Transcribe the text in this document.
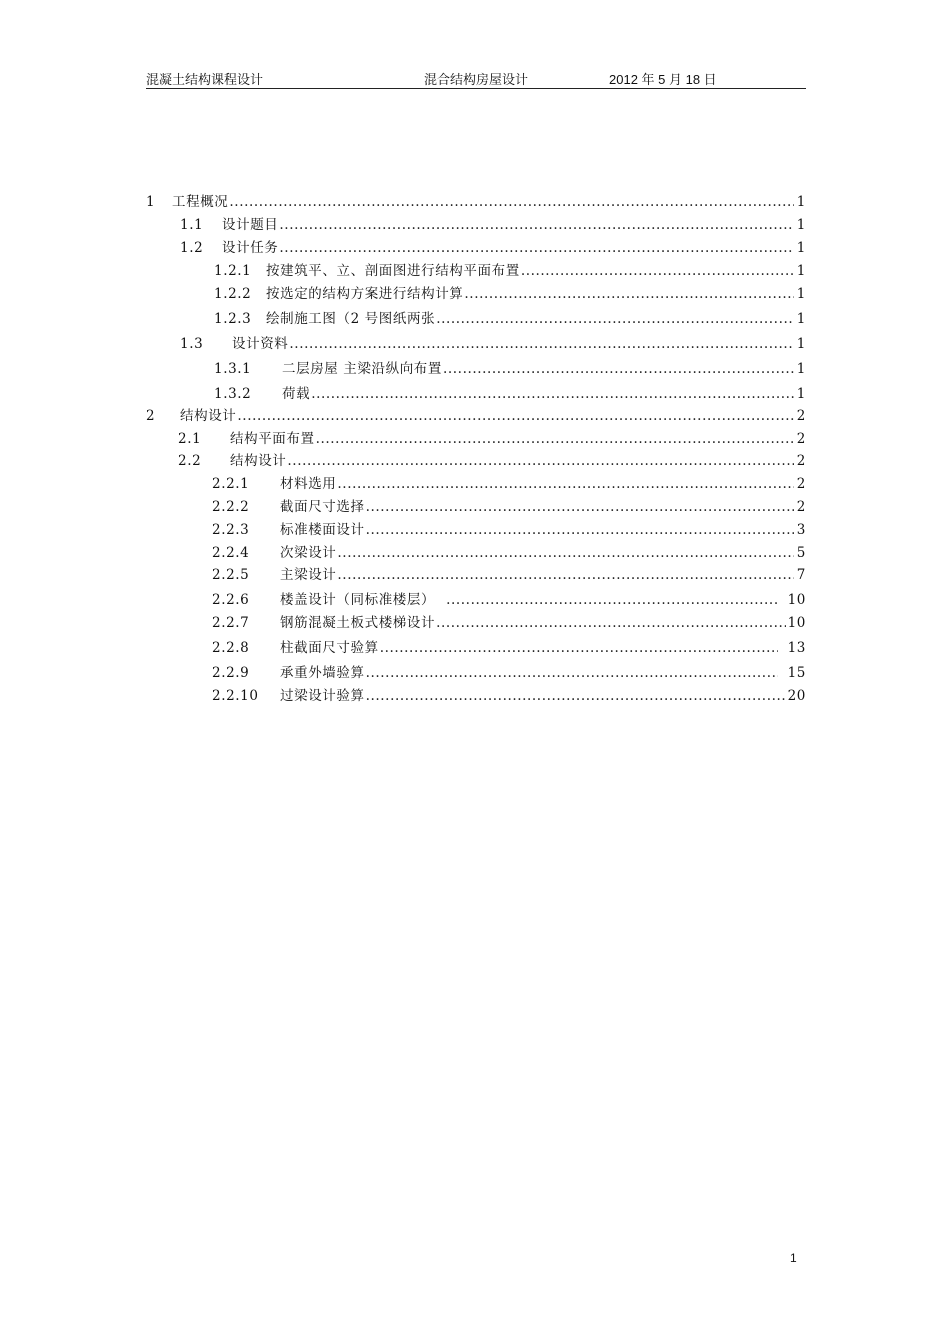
混凝土结构课程设计	混合结构房屋设计	2012 年 5 月 18 日
1	工程概况 .....	1
1.1	设计题目 .....	1
1.2	设计任务 .....	1
1.2.1	按建筑平、立、剖面图进行结构平面布置 .....	1
1.2.2	按选定的结构方案进行结构计算 .....	1
1.2.3	绘制施工图（2 号图纸两张 .....	1
1.3	设计资料 .....	1
1.3.1	二层房屋 主梁沿纵向布置 .....	1
1.3.2	荷载 .....	1
2	结构设计 .....	2
2.1	结构平面布置 .....	2
2.2	结构设计 .....	2
2.2.1	材料选用 .....	2
2.2.2	截面尺寸选择 .....	2
2.2.3	标准楼面设计 .....	3
2.2.4	次梁设计 .....	5
2.2.5	主梁设计 .....	7
2.2.6	楼盖设计（同标准楼层） .....	10
2.2.7	钢筋混凝土板式楼梯设计 .....	10
2.2.8	柱截面尺寸验算 .....	13
2.2.9	承重外墙验算 .....	15
2.2.10	过梁设计验算 .....	20
1
